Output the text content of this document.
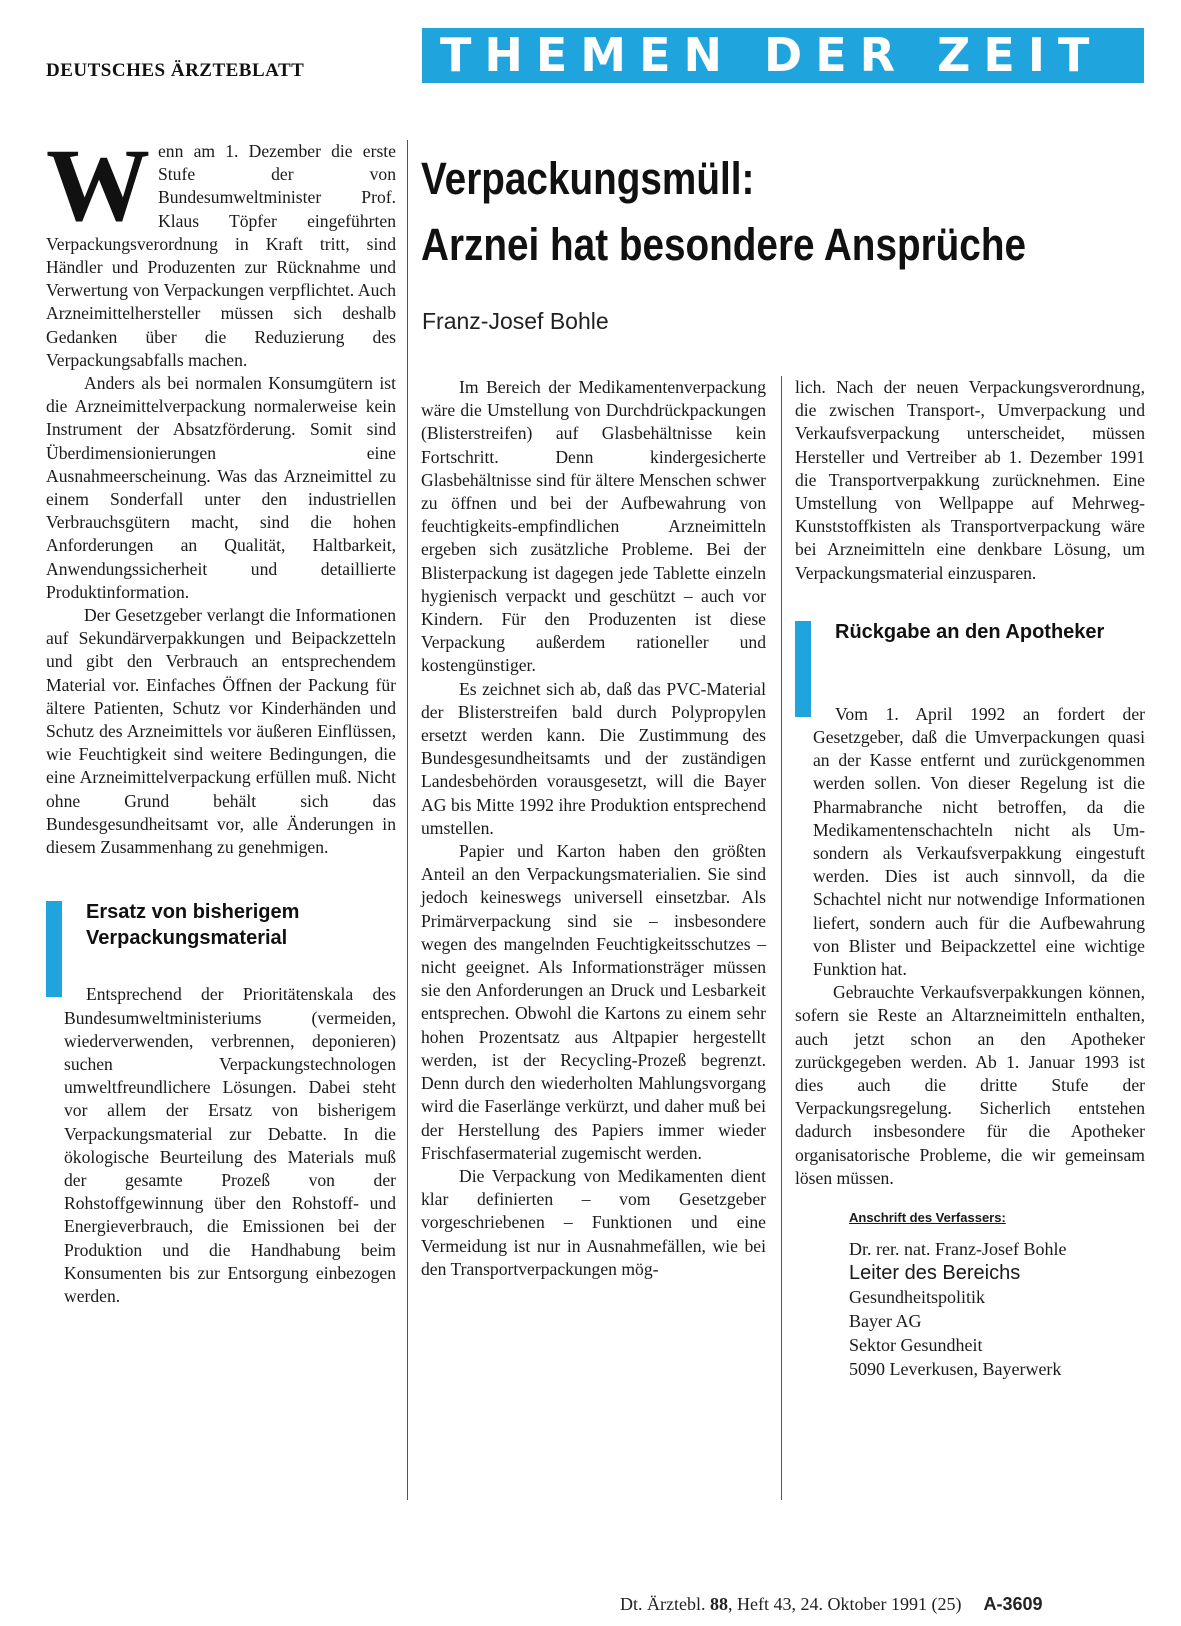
DEUTSCHES ÄRZTEBLATT	THEMEN DER ZEIT

Wenn am 1. Dezember die erste Stufe der von Bundesumweltminister Prof. Klaus Töpfer eingeführten Verpackungsverordnung in Kraft tritt, sind Händler und Produzenten zur Rücknahme und Verwertung von Verpackungen verpflichtet. Auch Arzneimittelhersteller müssen sich deshalb Gedanken über die Reduzierung des Verpackungsabfalls machen.

Anders als bei normalen Konsumgütern ist die Arzneimittelverpackung normalerweise kein Instrument der Absatzförderung. Somit sind Überdimensionierungen eine Ausnahmeerscheinung. Was das Arzneimittel zu einem Sonderfall unter den industriellen Verbrauchsgütern macht, sind die hohen Anforderungen an Qualität, Haltbarkeit, Anwendungssicherheit und detaillierte Produktinformation.

Der Gesetzgeber verlangt die Informationen auf Sekundärverpakkungen und Beipackzetteln und gibt den Verbrauch an entsprechendem Material vor. Einfaches Öffnen der Packung für ältere Patienten, Schutz vor Kinderhänden und Schutz des Arzneimittels vor äußeren Einflüssen, wie Feuchtigkeit sind weitere Bedingungen, die eine Arzneimittelverpackung erfüllen muß. Nicht ohne Grund behält sich das Bundesgesundheitsamt vor, alle Änderungen in diesem Zusammenhang zu genehmigen.

Ersatz von bisherigem Verpackungsmaterial

Entsprechend der Prioritätenskala des Bundesumweltministeriums (vermeiden, wiederverwenden, verbrennen, deponieren) suchen Verpackungstechnologen umweltfreundlichere Lösungen. Dabei steht vor allem der Ersatz von bisherigem Verpackungsmaterial zur Debatte. In die ökologische Beurteilung des Materials muß der gesamte Prozeß von der Rohstoffgewinnung über den Rohstoff- und Energieverbrauch, die Emissionen bei der Produktion und die Handhabung beim Konsumenten bis zur Entsorgung einbezogen werden.

Verpackungsmüll:
Arznei hat besondere Ansprüche
Franz-Josef Bohle

Im Bereich der Medikamentenverpackung wäre die Umstellung von Durchdrückpackungen (Blisterstreifen) auf Glasbehältnisse kein Fortschritt. Denn kindergesicherte Glasbehältnisse sind für ältere Menschen schwer zu öffnen und bei der Aufbewahrung von feuchtigkeits-empfindlichen Arzneimitteln ergeben sich zusätzliche Probleme. Bei der Blisterpackung ist dagegen jede Tablette einzeln hygienisch verpackt und geschützt – auch vor Kindern. Für den Produzenten ist diese Verpackung außerdem rationeller und kostengünstiger.

Es zeichnet sich ab, daß das PVC-Material der Blisterstreifen bald durch Polypropylen ersetzt werden kann. Die Zustimmung des Bundesgesundheitsamts und der zuständigen Landesbehörden vorausgesetzt, will die Bayer AG bis Mitte 1992 ihre Produktion entsprechend umstellen.

Papier und Karton haben den größten Anteil an den Verpackungsmaterialien. Sie sind jedoch keineswegs universell einsetzbar. Als Primärverpackung sind sie – insbesondere wegen des mangelnden Feuchtigkeitsschutzes – nicht geeignet. Als Informationsträger müssen sie den Anforderungen an Druck und Lesbarkeit entsprechen. Obwohl die Kartons zu einem sehr hohen Prozentsatz aus Altpapier hergestellt werden, ist der Recycling-Prozeß begrenzt. Denn durch den wiederholten Mahlungsvorgang wird die Faserlänge verkürzt, und daher muß bei der Herstellung des Papiers immer wieder Frischfasermaterial zugemischt werden.

Die Verpackung von Medikamenten dient klar definierten – vom Gesetzgeber vorgeschriebenen – Funktionen und eine Vermeidung ist nur in Ausnahmefällen, wie bei den Transportverpackungen mög-

lich. Nach der neuen Verpackungsverordnung, die zwischen Transport-, Umverpackung und Verkaufsverpackung unterscheidet, müssen Hersteller und Vertreiber ab 1. Dezember 1991 die Transportverpakkung zurücknehmen. Eine Umstellung von Wellpappe auf Mehrweg-Kunststoffkisten als Transportverpackung wäre bei Arzneimitteln eine denkbare Lösung, um Verpackungsmaterial einzusparen.

Rückgabe an den Apotheker

Vom 1. April 1992 an fordert der Gesetzgeber, daß die Umverpackungen quasi an der Kasse entfernt und zurückgenommen werden sollen. Von dieser Regelung ist die Pharmabranche nicht betroffen, da die Medikamentenschachteln nicht als Um- sondern als Verkaufsverpakkung eingestuft werden. Dies ist auch sinnvoll, da die Schachtel nicht nur notwendige Informationen liefert, sondern auch für die Aufbewahrung von Blister und Beipackzettel eine wichtige Funktion hat.

Gebrauchte Verkaufsverpakkungen können, sofern sie Reste an Altarzneimitteln enthalten, auch jetzt schon an den Apotheker zurückgegeben werden. Ab 1. Januar 1993 ist dies auch die dritte Stufe der Verpackungsregelung. Sicherlich entstehen dadurch insbesondere für die Apotheker organisatorische Probleme, die wir gemeinsam lösen müssen.

Anschrift des Verfassers:
Dr. rer. nat. Franz-Josef Bohle
Leiter des Bereichs
Gesundheitspolitik
Bayer AG
Sektor Gesundheit
5090 Leverkusen, Bayerwerk
Dt. Ärztebl. 88, Heft 43, 24. Oktober 1991 (25) A-3609
